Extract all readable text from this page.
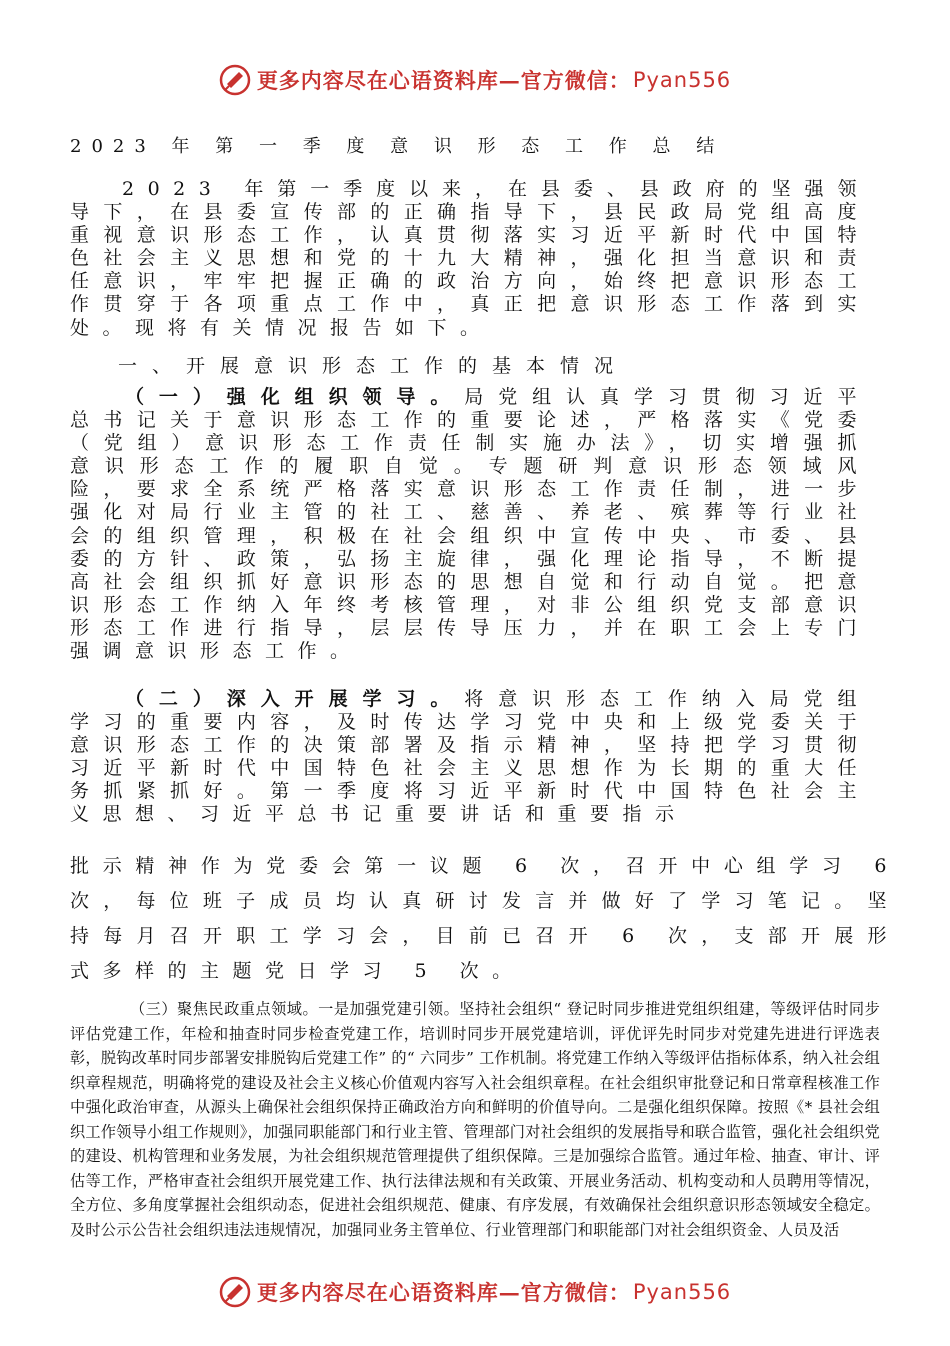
更多内容尽在心语资料库—官方微信： Pyan556
2023 年 第 一 季 度 意 识 形 态 工 作 总 结
2023 年第一季度以来，在县委、县政府的坚强领导下，在县委宣传部的正确指导下，县民政局党组高度重视意识形态工作，认真贯彻落实习近平新时代中国特色社会主义思想和党的十九大精神，强化担当意识和责任意识，牢牢把握正确的政治方向，始终把意识形态工作贯穿于各项重点工作中，真正把意识形态工作落到实处。现将有关情况报告如下。
一、开展意识形态工作的基本情况
（一）强化组织领导。局党组认真学习贯彻习近平总书记关于意识形态工作的重要论述，严格落实《党委（党组）意识形态工作责任制实施办法》，切实增强抓意识形态工作的履职自觉。专题研判意识形态领域风险，要求全系统严格落实意识形态工作责任制，进一步强化对局行业主管的社工、慈善、养老、殡葬等行业社会的组织管理，积极在社会组织中宣传中央、市委、县委的方针、政策，弘扬主旋律，强化理论指导，不断提高社会组织抓好意识形态的思想自觉和行动自觉。把意识形态工作纳入年终考核管理，对非公组织党支部意识形态工作进行指导，层层传导压力，并在职工会上专门强调意识形态工作。
（二）深入开展学习。将意识形态工作纳入局党组学习的重要内容，及时传达学习党中央和上级党委关于意识形态工作的决策部署及指示精神，坚持把学习贯彻习近平新时代中国特色社会主义思想作为长期的重大任务抓紧抓好。第一季度将习近平新时代中国特色社会主义思想、习近平总书记重要讲话和重要指示
批示精神作为党委会第一议题 6 次，召开中心组学习 6 次，每位班子成员均认真研讨发言并做好了学习笔记。坚持每月召开职工学习会，目前已召开 6 次，支部开展形式多样的主题党日学习 5 次。
（三）聚焦民政重点领域。一是加强党建引领。坚持社会组织“ 登记时同步推进党组织组建，等级评估时同步评估党建工作，年检和抽查时同步检查党建工作，培训时同步开展党建培训，评优评先时同步对党建先进进行评选表彰，脱钩改革时同步部署安排脱钩后党建工作” 的“ 六同步” 工作机制。将党建工作纳入等级评估指标体系，纳入社会组织章程规范，明确将党的建设及社会主义核心价值观内容写入社会组织章程。在社会组织审批登记和日常章程核准工作中强化政治审查，从源头上确保社会组织保持正确政治方向和鲜明的价值导向。二是强化组织保障。按照《* 县社会组织工作领导小组工作规则》，加强同职能部门和行业主管、管理部门对社会组织的发展指导和联合监管，强化社会组织党的建设、机构管理和业务发展，为社会组织规范管理提供了组织保障。三是加强综合监管。通过年检、抽查、审计、评估等工作，严格审查社会组织开展党建工作、执行法律法规和有关政策、开展业务活动、机构变动和人员聘用等情况，全方位、多角度掌握社会组织动态，促进社会组织规范、健康、有序发展，有效确保社会组织意识形态领域安全稳定。及时公示公告社会组织违法违规情况，加强同业务主管单位、行业管理部门和职能部门对社会组织资金、人员及活
更多内容尽在心语资料库—官方微信： Pyan556
